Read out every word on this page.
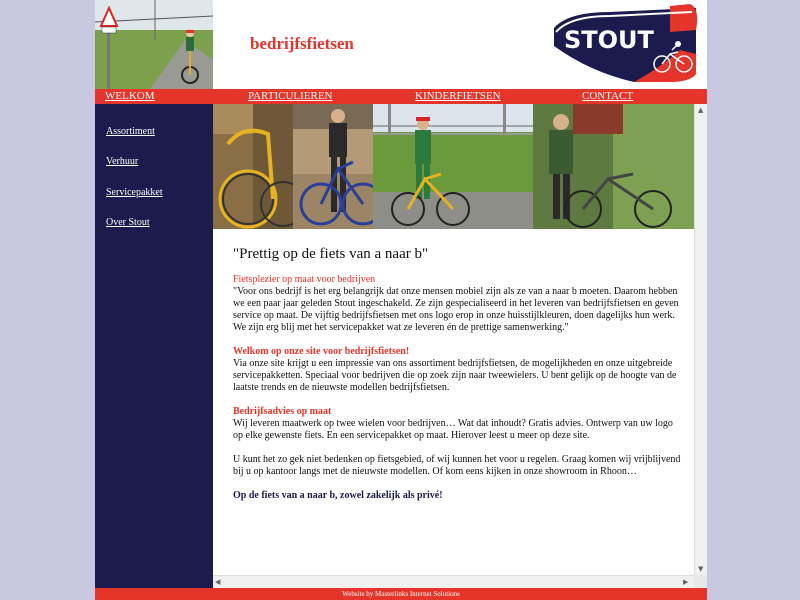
bedrijfsfietsen	STOUT
WELKOM	PARTICULIEREN	KINDERFIETSEN	CONTACT
Assortiment
Verhuur
Servicepakket
Over Stout
"Prettig op de fiets van a naar b"

Fietsplezier op maat voor bedrijven

"Voor ons bedrijf is het erg belangrijk dat onze mensen mobiel zijn als ze van a naar b moeten. Daarom hebben we een paar jaar geleden Stout ingeschakeld. Ze zijn gespecialiseerd in het leveren van bedrijfsfietsen en geven service op maat. De vijftig bedrijfsfietsen met ons logo erop in onze huisstijlkleuren, doen dagelijks hun werk. We zijn erg blij met het servicepakket wat ze leveren én de prettige samenwerking."

Welkom op onze site voor bedrijfsfietsen!

Via onze site krijgt u een impressie van ons assortiment bedrijfsfietsen, de mogelijkheden en onze uitgebreide servicepakketten. Speciaal voor bedrijven die op zoek zijn naar tweewielers. U bent gelijk op de hoogte van de laatste trends en de nieuwste modellen bedrijfsfietsen.

Bedrijfsadvies op maat

Wij leveren maatwerk op twee wielen voor bedrijven… Wat dat inhoudt? Gratis advies. Ontwerp van uw logo op elke gewenste fiets. En een servicepakket op maat. Hierover leest u meer op deze site.

U kunt het zo gek niet bedenken op fietsgebied, of wij kunnen het voor u regelen. Graag komen wij vrijblijvend bij u op kantoor langs met de nieuwste modellen. Of kom eens kijken in onze showroom in Rhoon…

Op de fiets van a naar b, zowel zakelijk als privé!

▲
▼
◀	▶
Website by Masterlinks Internet Solutions
